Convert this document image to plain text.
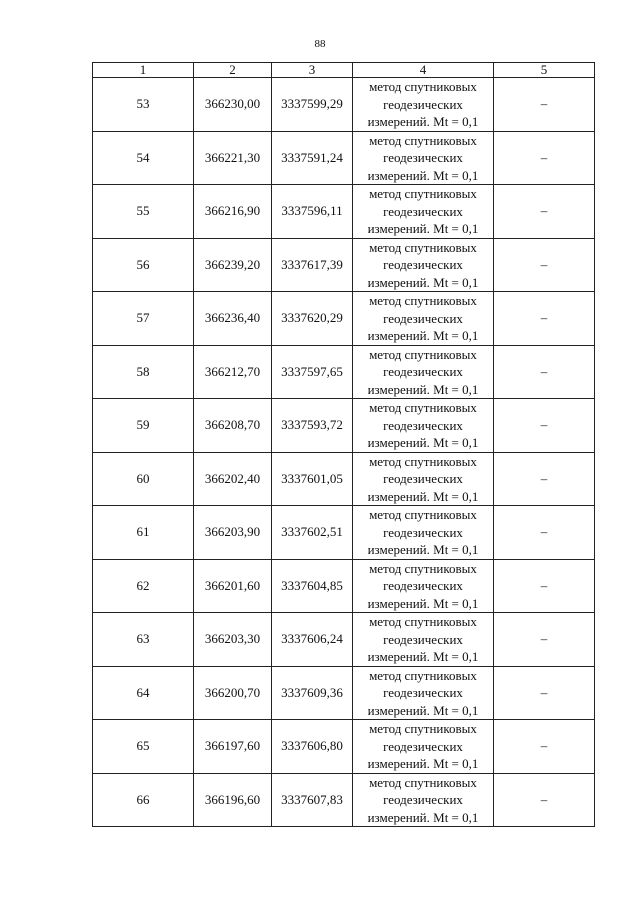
88
1	2	3	4	5
53	366230,00	3337599,29	метод спутниковых
геодезических
измерений. Mt = 0,1	–
54	366221,30	3337591,24	метод спутниковых
геодезических
измерений. Mt = 0,1	–
55	366216,90	3337596,11	метод спутниковых
геодезических
измерений. Mt = 0,1	–
56	366239,20	3337617,39	метод спутниковых
геодезических
измерений. Mt = 0,1	–
57	366236,40	3337620,29	метод спутниковых
геодезических
измерений. Mt = 0,1	–
58	366212,70	3337597,65	метод спутниковых
геодезических
измерений. Mt = 0,1	–
59	366208,70	3337593,72	метод спутниковых
геодезических
измерений. Mt = 0,1	–
60	366202,40	3337601,05	метод спутниковых
геодезических
измерений. Mt = 0,1	–
61	366203,90	3337602,51	метод спутниковых
геодезических
измерений. Mt = 0,1	–
62	366201,60	3337604,85	метод спутниковых
геодезических
измерений. Mt = 0,1	–
63	366203,30	3337606,24	метод спутниковых
геодезических
измерений. Mt = 0,1	–
64	366200,70	3337609,36	метод спутниковых
геодезических
измерений. Mt = 0,1	–
65	366197,60	3337606,80	метод спутниковых
геодезических
измерений. Mt = 0,1	–
66	366196,60	3337607,83	метод спутниковых
геодезических
измерений. Mt = 0,1	–
